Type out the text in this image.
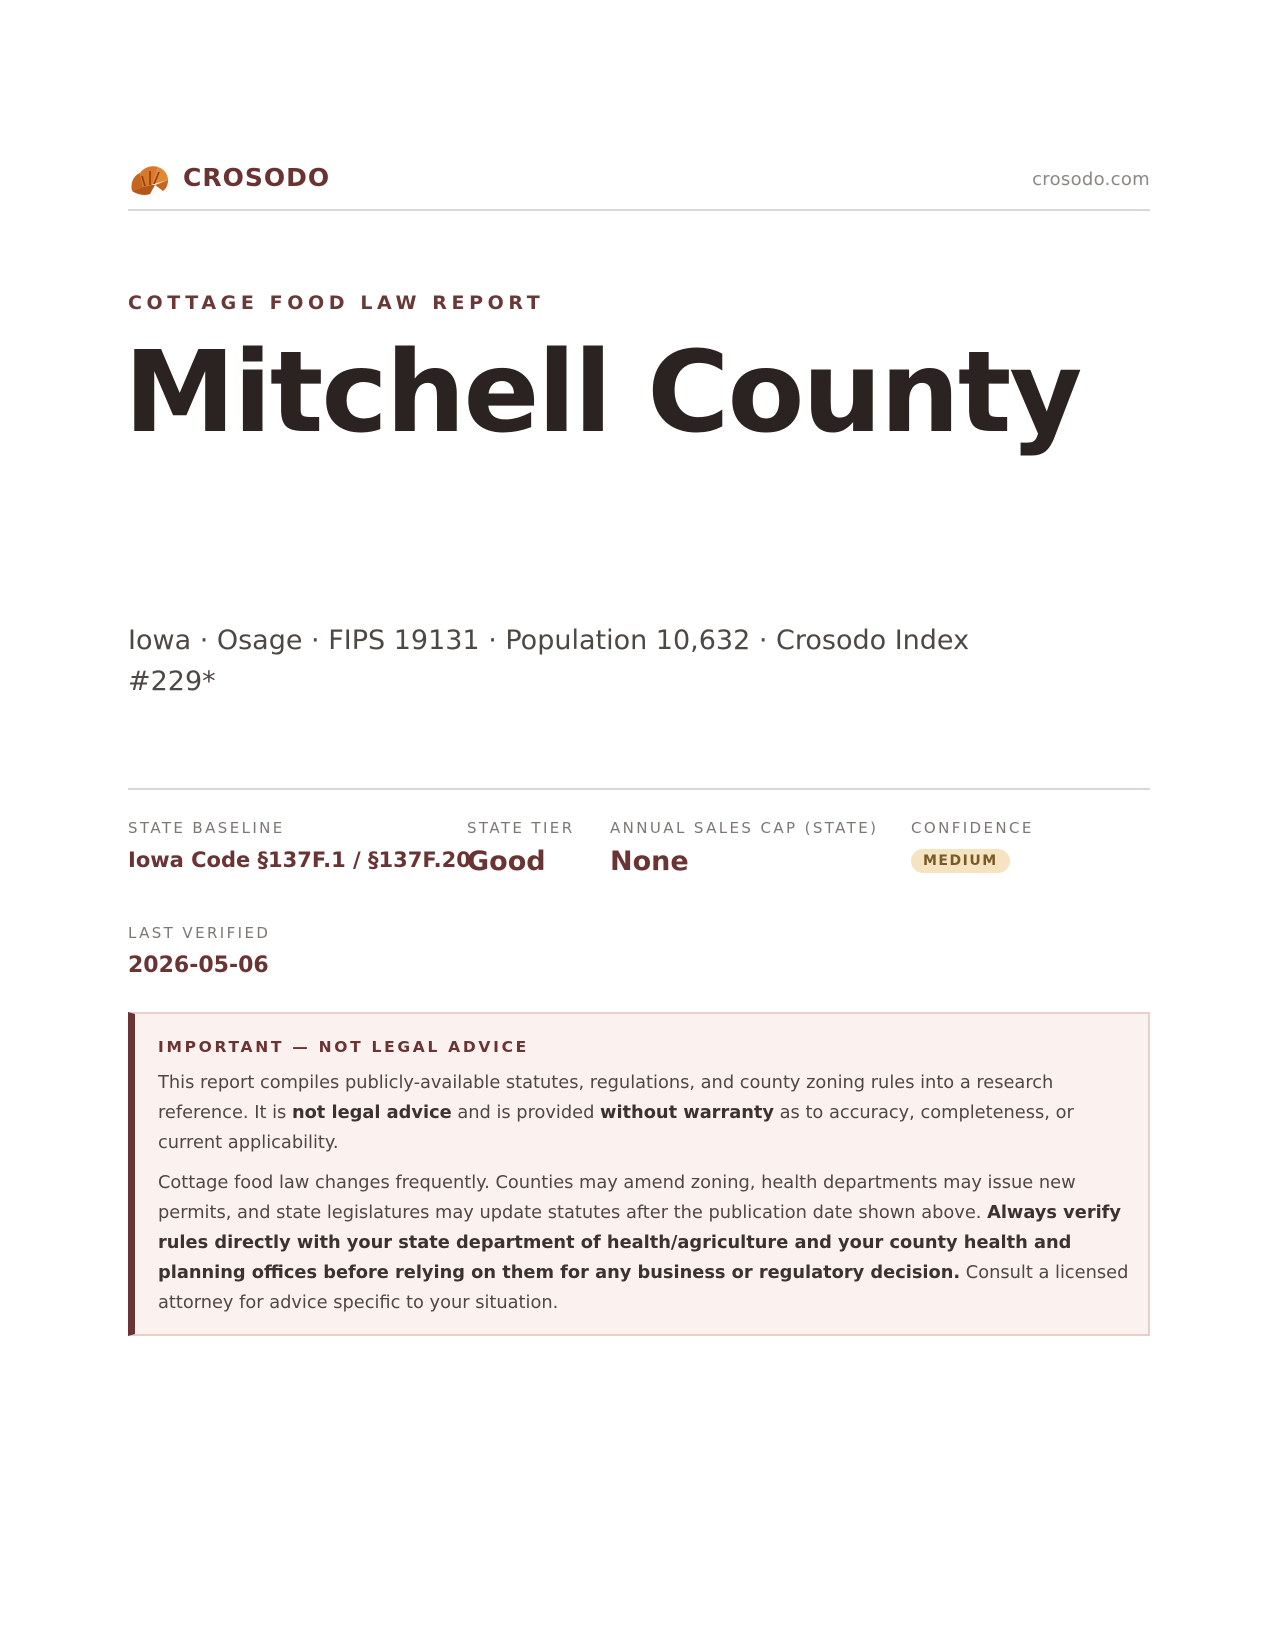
CROSODO	crosodo.com
COTTAGE FOOD LAW REPORT
Mitchell County
Iowa · Osage · FIPS 19131 · Population 10,632 · Crosodo Index #229*
STATE BASELINE
Iowa Code §137F.1 / §137F.20
STATE TIER
Good
ANNUAL SALES CAP (STATE)
None
CONFIDENCE
MEDIUM
LAST VERIFIED
2026-05-06
IMPORTANT — NOT LEGAL ADVICE
This report compiles publicly-available statutes, regulations, and county zoning rules into a research reference. It is not legal advice and is provided without warranty as to accuracy, completeness, or current applicability.
Cottage food law changes frequently. Counties may amend zoning, health departments may issue new permits, and state legislatures may update statutes after the publication date shown above. Always verify rules directly with your state department of health/agriculture and your county health and planning offices before relying on them for any business or regulatory decision. Consult a licensed attorney for advice specific to your situation.
